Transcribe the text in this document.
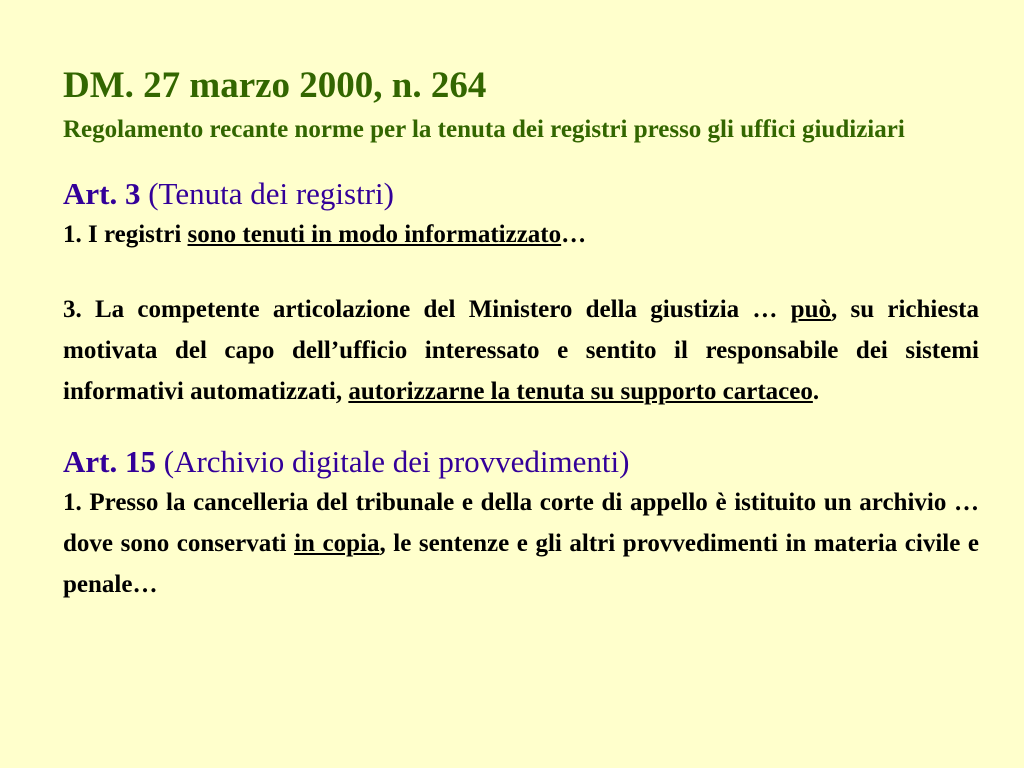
DM. 27 marzo 2000, n. 264

Regolamento recante norme per la tenuta dei registri presso gli uffici giudiziari

Art. 3 (Tenuta dei registri)

1. I registri sono tenuti in modo informatizzato…

3. La competente articolazione del Ministero della giustizia … può, su richiesta motivata del capo dell’ufficio interessato e sentito il responsabile dei sistemi informativi automatizzati, autorizzarne la tenuta su supporto cartaceo.

Art. 15 (Archivio digitale dei provvedimenti)

1. Presso la cancelleria del tribunale e della corte di appello è istituito un archivio … dove sono conservati in copia, le sentenze e gli altri provvedimenti in materia civile e penale…
